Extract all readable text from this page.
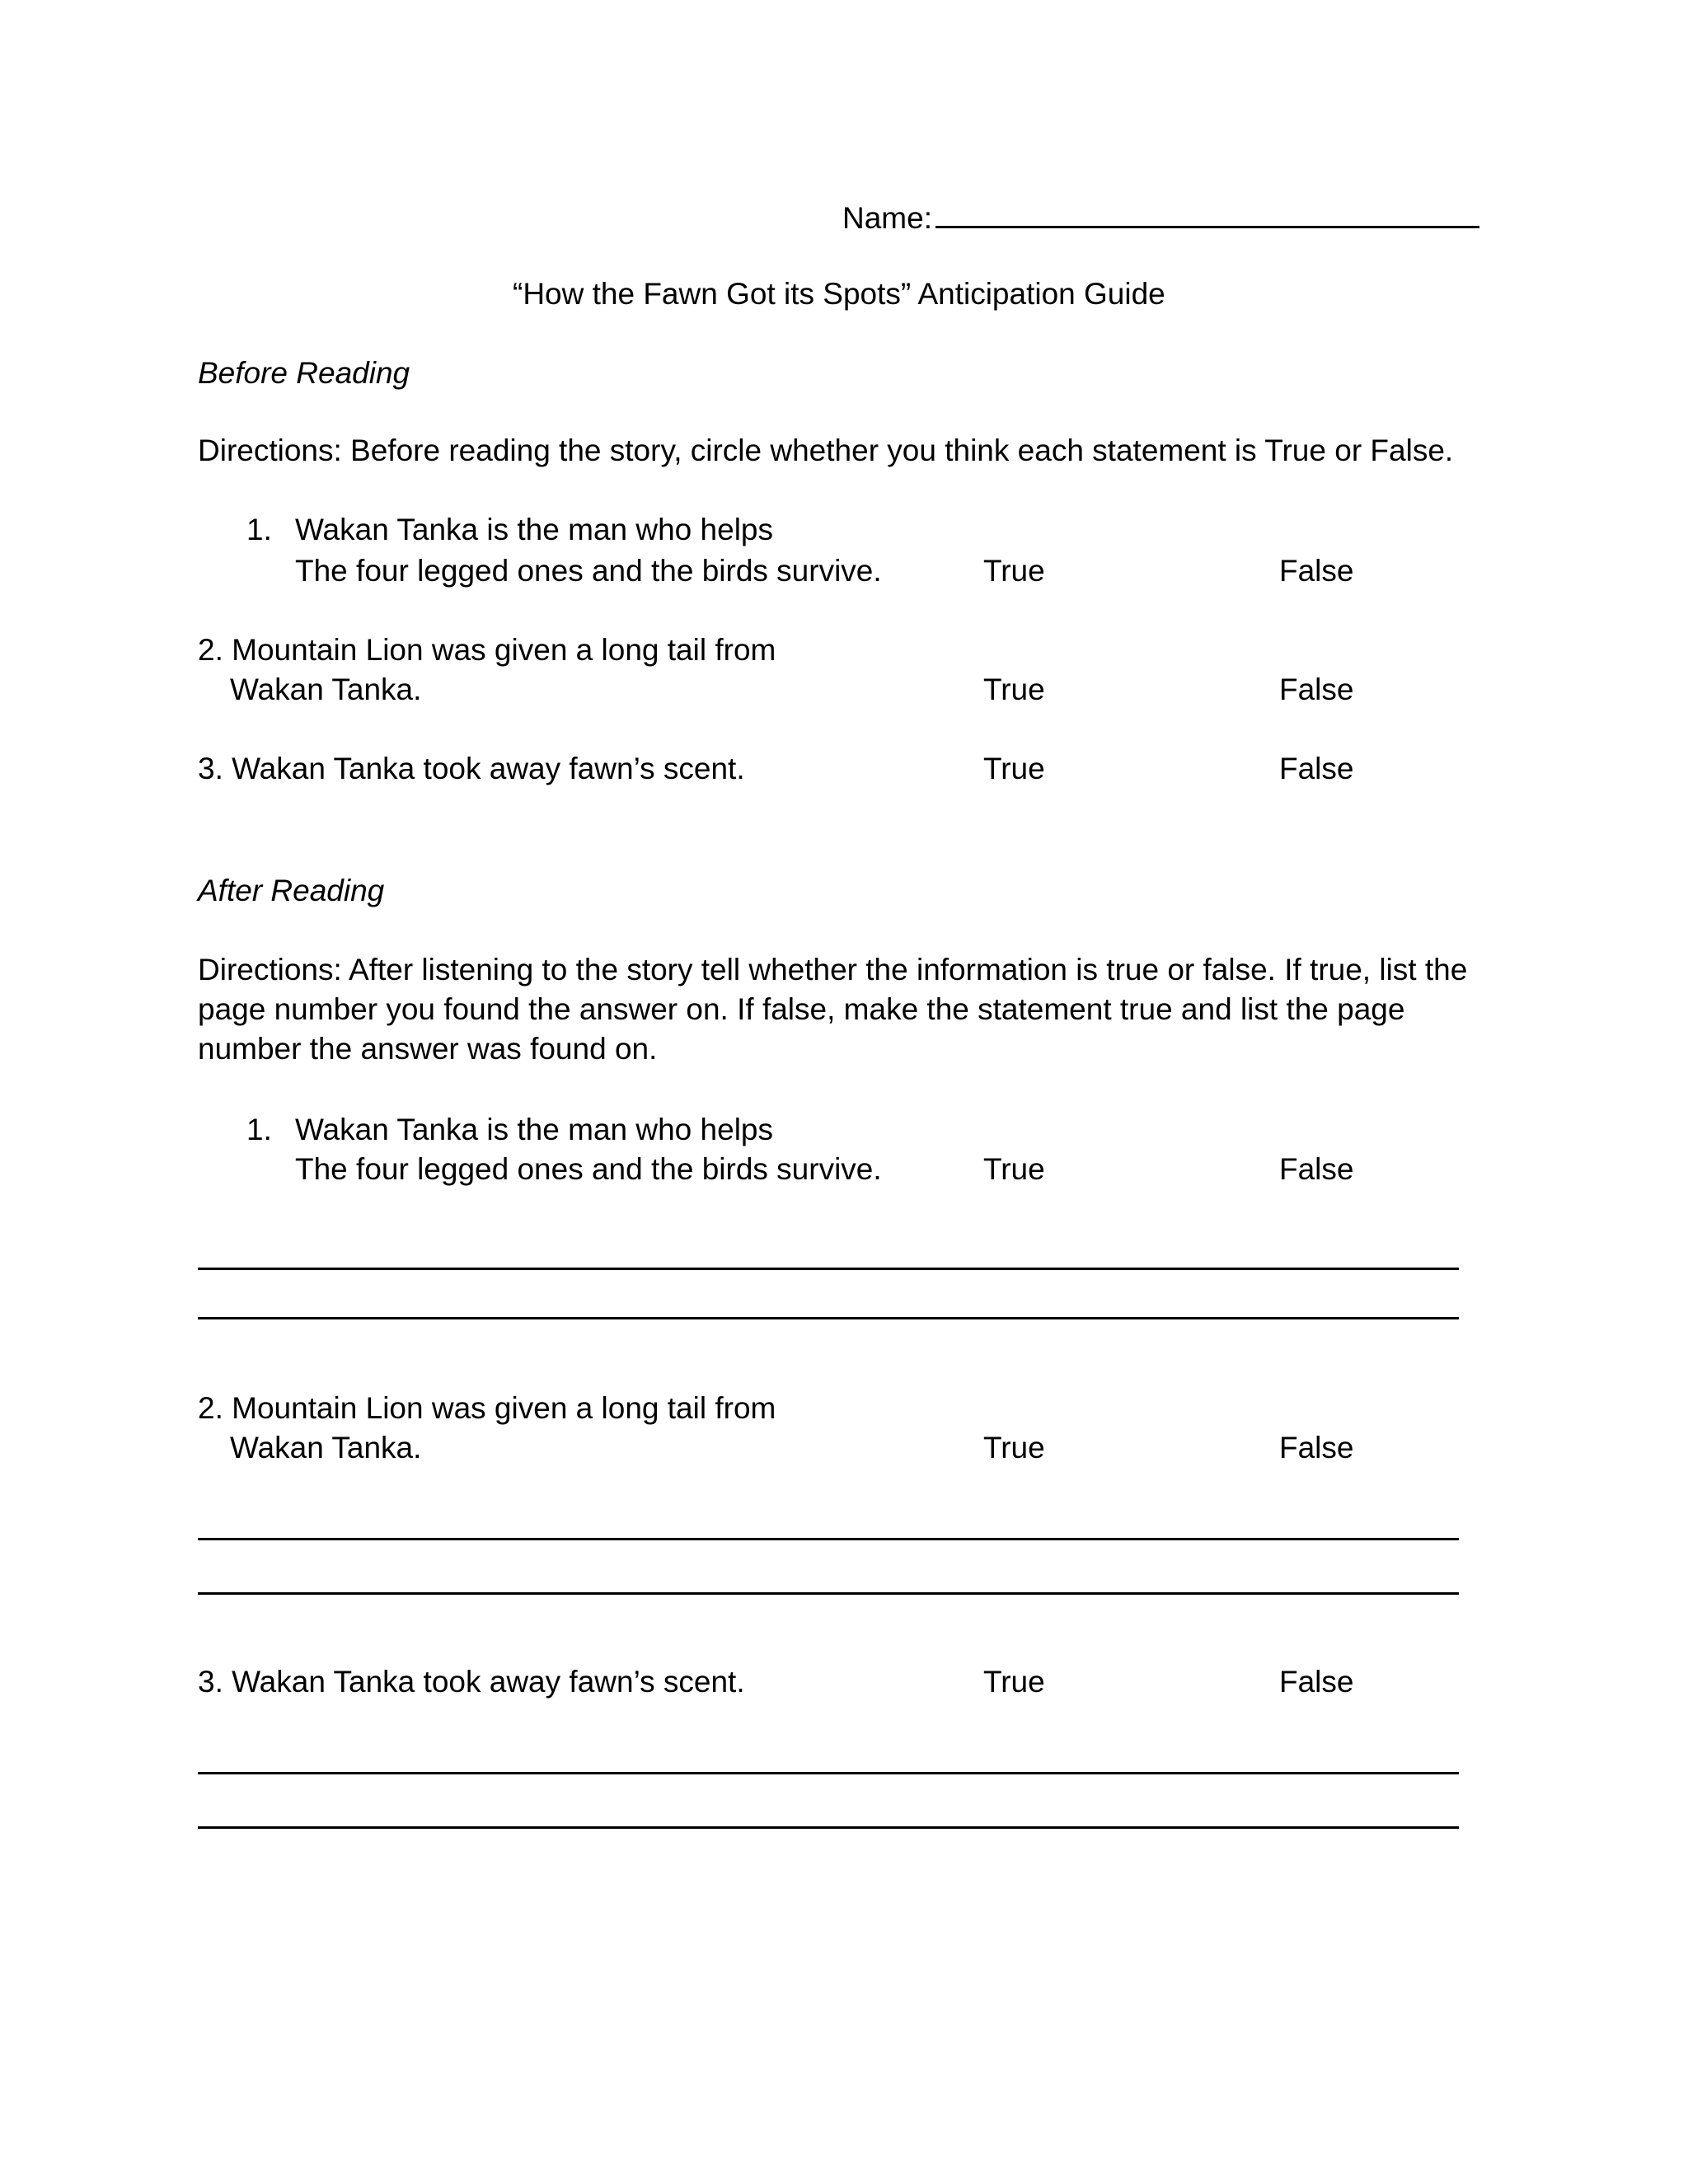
Name:
“How the Fawn Got its Spots” Anticipation Guide
Before Reading
Directions: Before reading the story, circle whether you think each statement is True or False.
1. Wakan Tanka is the man who helps
The four legged ones and the birds survive.	True	False
2. Mountain Lion was given a long tail from
Wakan Tanka.	True	False
3. Wakan Tanka took away fawn’s scent.	True	False
After Reading
Directions: After listening to the story tell whether the information is true or false. If true, list the
page number you found the answer on. If false, make the statement true and list the page
number the answer was found on.
1. Wakan Tanka is the man who helps
The four legged ones and the birds survive.	True	False
2. Mountain Lion was given a long tail from
Wakan Tanka.	True	False
3. Wakan Tanka took away fawn’s scent.	True	False
